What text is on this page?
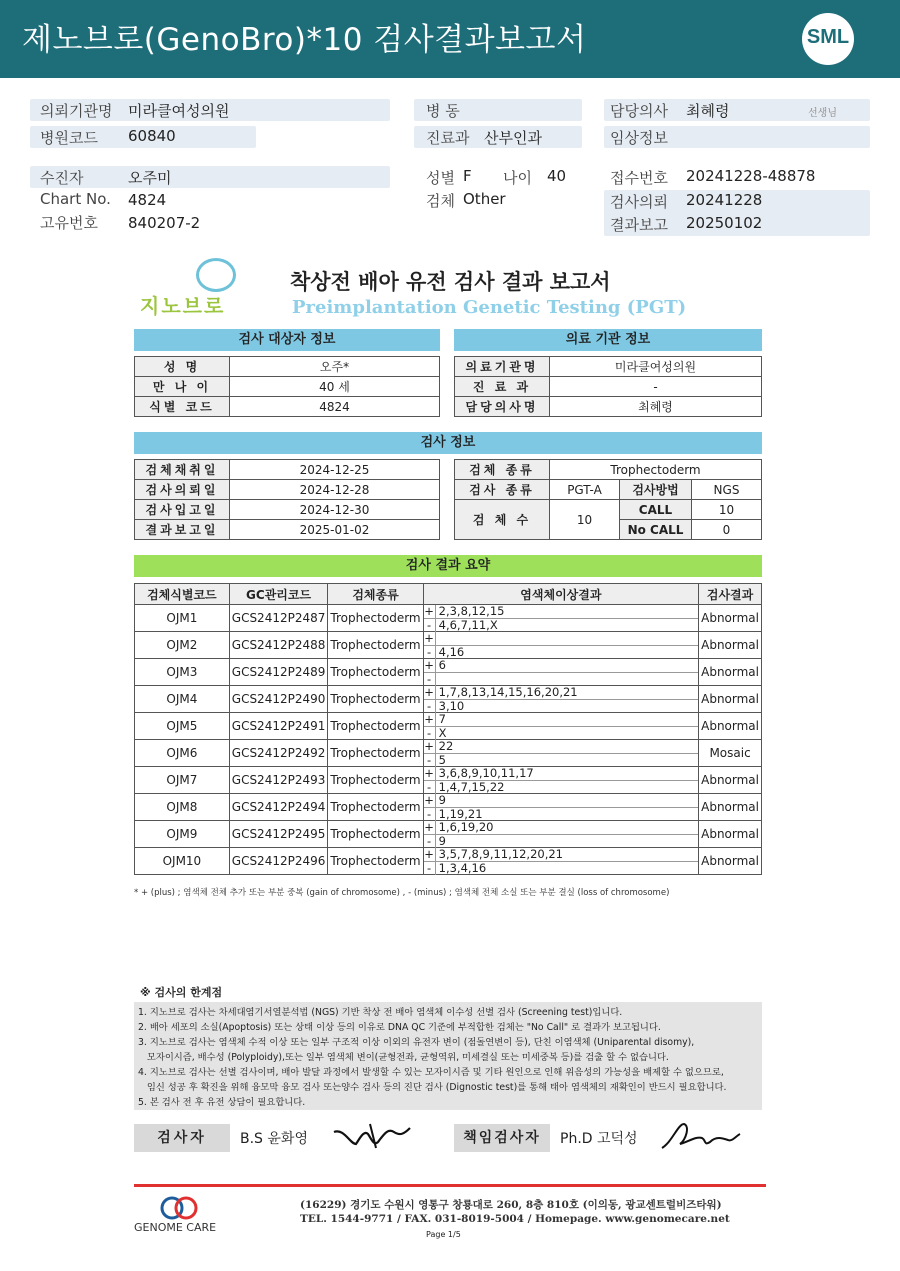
제노브로(GenoBro)*10 검사결과보고서	SML
의뢰기관명 미라클여성의원
병원코드 60840
병 동
진료과 산부인과
담당의사 최혜령	선생님
임상정보
수진자	오주미
Chart No. 4824
고유번호 840207-2
성별 F 나이 40
검체 Other
접수번호 20241228-48878
검사의뢰 20241228
결과보고 20250102
지노브로
착상전 배아 유전 검사 결과 보고서
Preimplantation Genetic Testing (PGT)
검사 대상자 정보	의료 기관 정보
성 명	오주*
만 나 이	40 세
식별 코드	4824
의료기관명	미라클여성의원
진 료 과	-
담당의사명	최혜령
검사 정보
검체채취일	2024-12-25
검사의뢰일	2024-12-28
검사입고일	2024-12-30
결과보고일	2025-01-02
검체 종류	Trophectoderm		
검사 종류	PGT-A	검사방법	NGS
검 체 수	10	CALL	10
		No CALL	0
검사 결과 요약
검체식별코드	GC관리코드	검체종류	염색체이상결과	검사결과
OJM1	GCS2412P2487	Trophectoderm	+ 2,3,8,12,15
- 4,6,7,11,X	Abnormal
OJM2	GCS2412P2488	Trophectoderm	+
- 4,16	Abnormal
OJM3	GCS2412P2489	Trophectoderm	+ 6
-	Abnormal
OJM4	GCS2412P2490	Trophectoderm	+ 1,7,8,13,14,15,16,20,21
- 3,10	Abnormal
OJM5	GCS2412P2491	Trophectoderm	+ 7
- X	Abnormal
OJM6	GCS2412P2492	Trophectoderm	+ 22
- 5	Mosaic
OJM7	GCS2412P2493	Trophectoderm	+ 3,6,8,9,10,11,17
- 1,4,7,15,22	Abnormal
OJM8	GCS2412P2494	Trophectoderm	+ 9
- 1,19,21	Abnormal
OJM9	GCS2412P2495	Trophectoderm	+ 1,6,19,20
- 9	Abnormal
OJM10	GCS2412P2496	Trophectoderm	+ 3,5,7,8,9,11,12,20,21
- 1,3,4,16	Abnormal
* + (plus) ; 염색체 전체 추가 또는 부분 중복 (gain of chromosome) , - (minus) ; 염색체 전체 소실 또는 부분 결실 (loss of chromosome)
※ 검사의 한계점
1. 지노브로 검사는 차세대염기서열분석법 (NGS) 기반 착상 전 배아 염색체 이수성 선별 검사 (Screening test)입니다.
2. 배아 세포의 소실(Apoptosis) 또는 상태 이상 등의 이유로 DNA QC 기준에 부적합한 검체는 "No Call" 로 결과가 보고됩니다.
3. 지노브로 검사는 염색체 수적 이상 또는 일부 구조적 이상 이외의 유전자 변이 (점돌연변이 등), 단친 이염색체 (Uniparental disomy),
모자이시즘, 배수성 (Polyploidy),또는 일부 염색체 변이(균형전좌, 균형역위, 미세결실 또는 미세중복 등)를 검출 할 수 없습니다.
4. 지노브로 검사는 선별 검사이며, 배아 발달 과정에서 발생할 수 있는 모자이시즘 및 기타 원인으로 인해 위음성의 가능성을 배제할 수 없으므로,
임신 성공 후 확진을 위해 융모막 융모 검사 또는양수 검사 등의 진단 검사 (Dignostic test)를 통해 태아 염색체의 재확인이 반드시 필요합니다.
5. 본 검사 전 후 유전 상담이 필요합니다.
검사자	B.S 윤화영	책임검사자	Ph.D 고덕성
GENOME CARE
(16229) 경기도 수원시 영통구 창룡대로 260, 8층 810호 (이의동, 광교센트럴비즈타워)
TEL. 1544-9771 / FAX. 031-8019-5004 / Homepage. www.genomecare.net
Page 1/5
